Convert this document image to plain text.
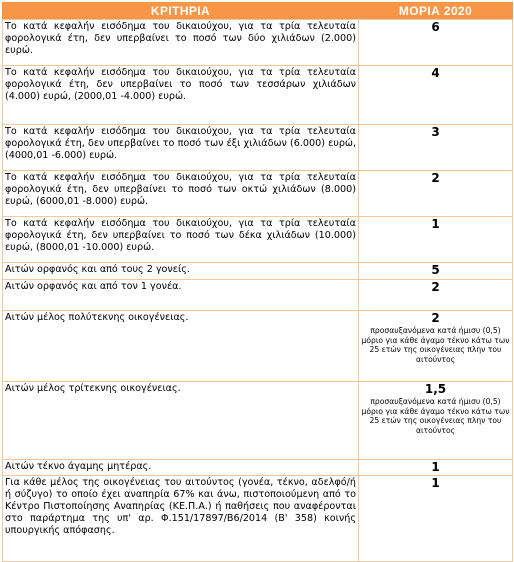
ΚΡΙΤΗΡΙΑ	ΜΟΡΙΑ 2020
Το κατά κεφαλήν εισόδημα του δικαιούχου, για τα τρία τελευταία φορολογικά έτη, δεν υπερβαίνει το ποσό των δύο χιλιάδων (2.000) ευρώ.	6

Το κατά κεφαλήν εισόδημα του δικαιούχου, για τα τρία τελευταία φορολογικά έτη, δεν υπερβαίνει το ποσό των τεσσάρων χιλιάδων (4.000) ευρώ, (2000,01 -4.000) ευρώ.	4

Το κατά κεφαλήν εισόδημα του δικαιούχου, για τα τρία τελευταία φορολογικά έτη, δεν υπερβαίνει το ποσό των έξι χιλιάδων (6.000) ευρώ, (4000,01 -6.000) ευρώ.	3

Το κατά κεφαλήν εισόδημα του δικαιούχου, για τα τρία τελευταία φορολογικά έτη, δεν υπερβαίνει το ποσό των οκτώ χιλιάδων (8.000) ευρώ, (6000,01 -8.000) ευρώ.	2

Το κατά κεφαλήν εισόδημα του δικαιούχου, για τα τρία τελευταία φορολογικά έτη, δεν υπερβαίνει το ποσό των δέκα χιλιάδων (10.000) ευρώ, (8000,01 -10.000) ευρώ.	1

Αιτών ορφανός και από τους 2 γονείς.	5

Αιτών ορφανός και από τον 1 γονέα.	2

Αιτών μέλος πολύτεκνης οικογένειας.	2
προσαυξανόμενα κατά ήμισυ (0,5) μόριο για κάθε άγαμο τέκνο κάτω των 25 ετών της οικογένειας πλην του αιτούντος

Αιτών μέλος τρίτεκνης οικογένειας.	1,5
προσαυξανόμενα κατά ήμισυ (0,5) μόριο για κάθε άγαμο τέκνο κάτω των 25 ετών της οικογένειας πλην του αιτούντος

Αιτών τέκνο άγαμης μητέρας.	1

Για κάθε μέλος της οικογένειας του αιτούντος (γονέα, τέκνο, αδελφό/ή ή σύζυγο) το οποίο έχει αναπηρία 67% και άνω, πιστοποιούμενη από το Κέντρο Πιστοποίησης Αναπηρίας (ΚΕ.Π.Α.) ή παθήσεις που αναφέρονται στο παράρτημα της υπ' αρ. Φ.151/17897/Β6/2014 (Β' 358) κοινής υπουργικής απόφασης.	1
